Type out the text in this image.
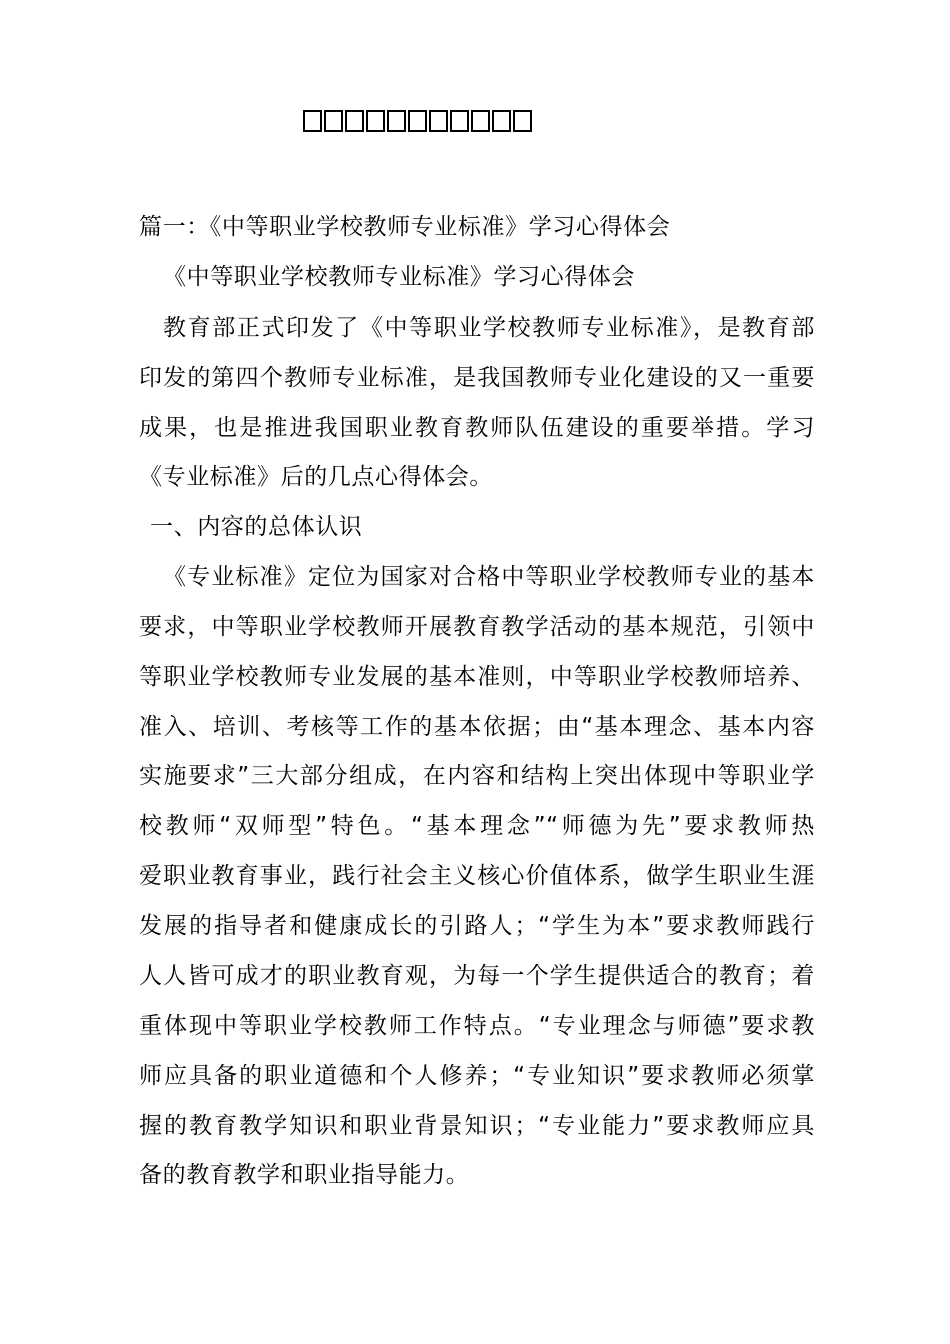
篇一：《中等职业学校教师专业标准》学习心得体会
《中等职业学校教师专业标准》学习心得体会
教育部正式印发了《中等职业学校教师专业标准》，是教育部
印发的第四个教师专业标准，是我国教师专业化建设的又一重要
成果，也是推进我国职业教育教师队伍建设的重要举措。学习
《专业标准》后的几点心得体会。
一、内容的总体认识
《专业标准》定位为国家对合格中等职业学校教师专业的基本
要求，中等职业学校教师开展教育教学活动的基本规范，引领中
等职业学校教师专业发展的基本准则，中等职业学校教师培养、
准入、培训、考核等工作的基本依据；由“基本理念、基本内容
实施要求”三大部分组成，在内容和结构上突出体现中等职业学
校教师“双师型”特色。“基本理念”“师德为先”要求教师热
爱职业教育事业，践行社会主义核心价值体系，做学生职业生涯
发展的指导者和健康成长的引路人；“学生为本”要求教师践行
人人皆可成才的职业教育观，为每一个学生提供适合的教育；着
重体现中等职业学校教师工作特点。“专业理念与师德”要求教
师应具备的职业道德和个人修养；“专业知识”要求教师必须掌
握的教育教学知识和职业背景知识；“专业能力”要求教师应具
备的教育教学和职业指导能力。
